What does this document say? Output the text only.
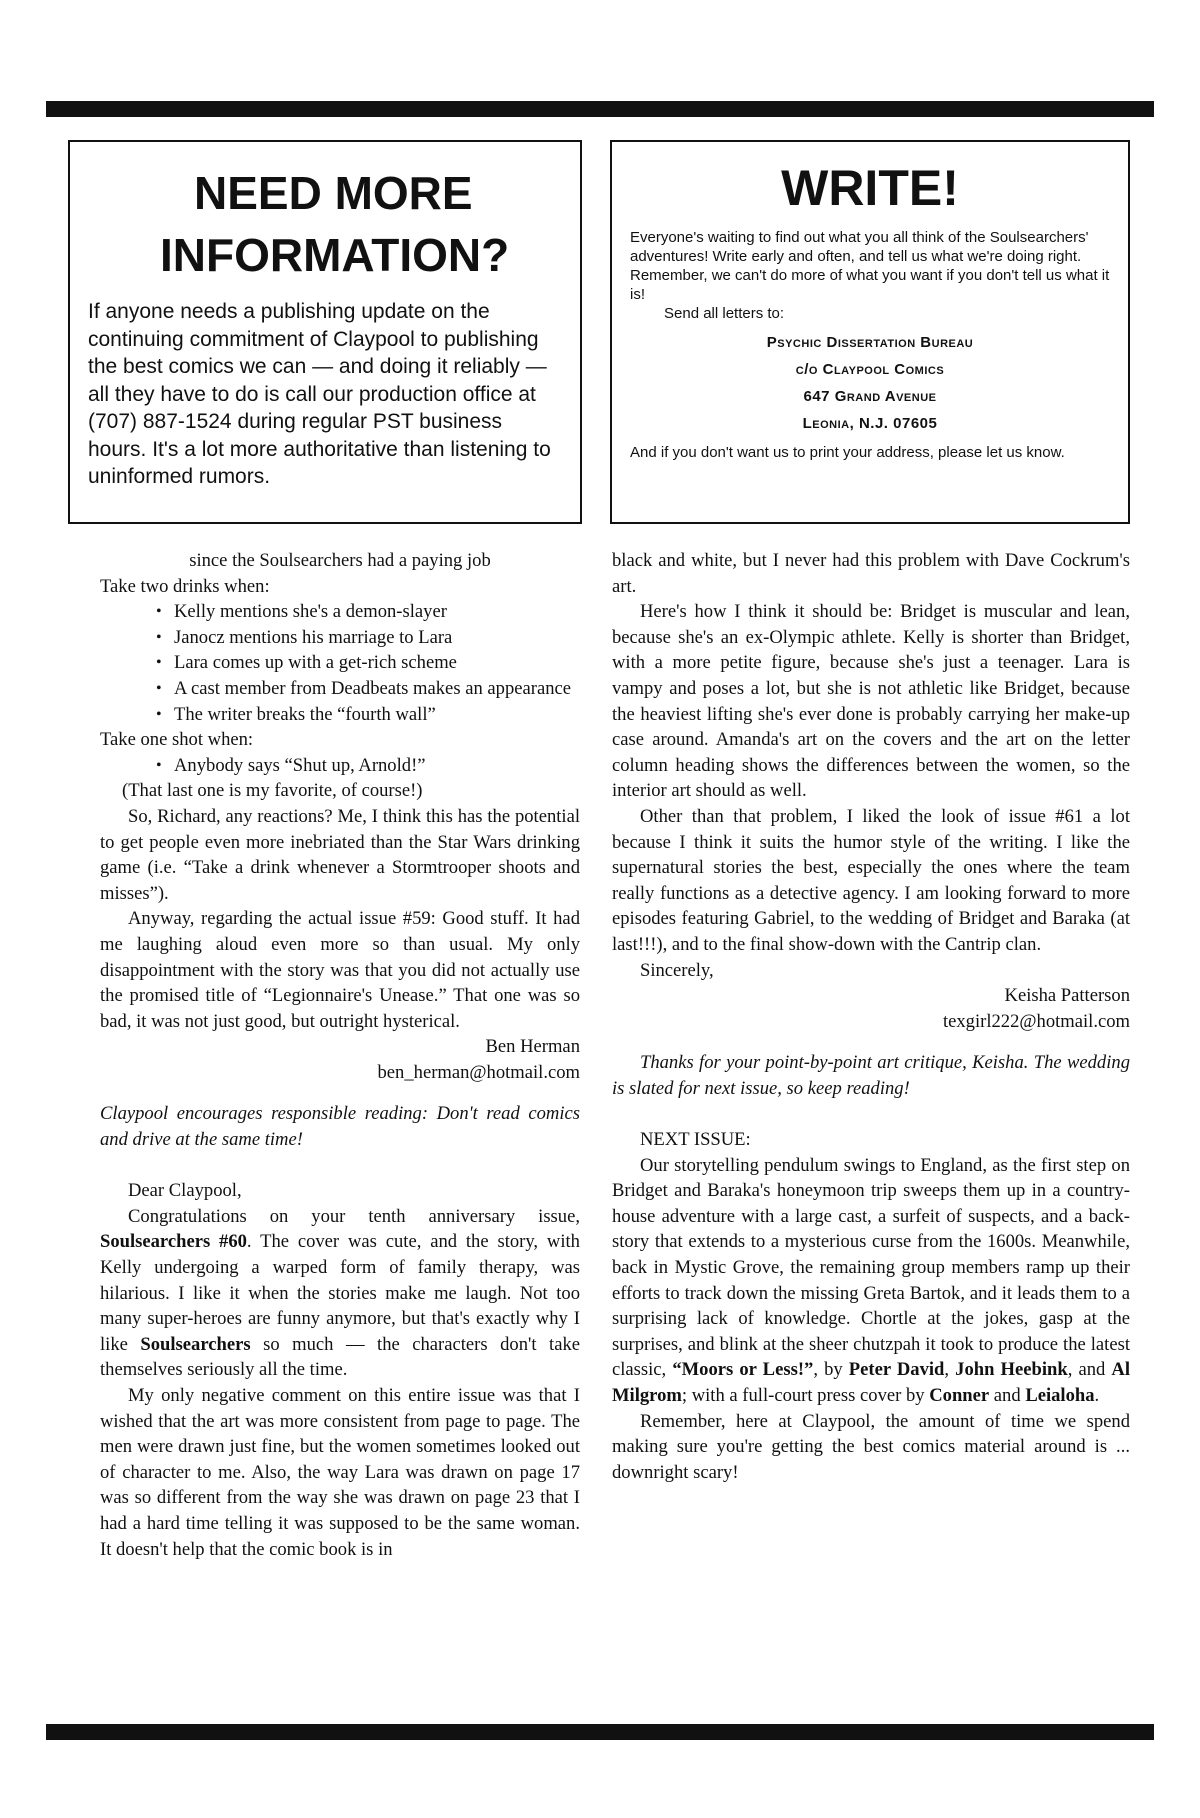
NEED MORE
INFORMATION?
If anyone needs a publishing update on the continuing commitment of Claypool to publishing the best comics we can — and doing it reliably — all they have to do is call our production office at (707) 887-1524 during regular PST business hours. It's a lot more authoritative than listening to uninformed rumors.
WRITE!
Everyone's waiting to find out what you all think of the Soulsearchers' adventures! Write early and often, and tell us what we're doing right. Remember, we can't do more of what you want if you don't tell us what it is!
Send all letters to:
Psychic Dissertation Bureau
c/o Claypool Comics
647 Grand Avenue
Leonia, N.J. 07605
And if you don't want us to print your address, please let us know.

since the Soulsearchers had a paying job

Take two drinks when:

• Kelly mentions she's a demon-slayer
• Janocz mentions his marriage to Lara
• Lara comes up with a get-rich scheme
• A cast member from Deadbeats makes an appearance
• The writer breaks the “fourth wall”

Take one shot when:

• Anybody says “Shut up, Arnold!”

(That last one is my favorite, of course!)

So, Richard, any reactions? Me, I think this has the potential to get people even more inebriated than the Star Wars drinking game (i.e. “Take a drink whenever a Stormtrooper shoots and misses”).

Anyway, regarding the actual issue #59: Good stuff. It had me laughing aloud even more so than usual. My only disappointment with the story was that you did not actually use the promised title of “Legionnaire's Unease.” That one was so bad, it was not just good, but outright hysterical.

Ben Herman

ben_herman@hotmail.com

Claypool encourages responsible reading: Don't read comics and drive at the same time!

Dear Claypool,

Congratulations on your tenth anniversary issue, Soulsearchers #60. The cover was cute, and the story, with Kelly undergoing a warped form of family therapy, was hilarious. I like it when the stories make me laugh. Not too many super-heroes are funny anymore, but that's exactly why I like Soulsearchers so much — the characters don't take themselves seriously all the time.

My only negative comment on this entire issue was that I wished that the art was more consistent from page to page. The men were drawn just fine, but the women sometimes looked out of character to me. Also, the way Lara was drawn on page 17 was so different from the way she was drawn on page 23 that I had a hard time telling it was supposed to be the same woman. It doesn't help that the comic book is in

black and white, but I never had this problem with Dave Cockrum's art.

Here's how I think it should be: Bridget is muscular and lean, because she's an ex-Olympic athlete. Kelly is shorter than Bridget, with a more petite figure, because she's just a teenager. Lara is vampy and poses a lot, but she is not athletic like Bridget, because the heaviest lifting she's ever done is probably carrying her make-up case around. Amanda's art on the covers and the art on the letter column heading shows the differences between the women, so the interior art should as well.

Other than that problem, I liked the look of issue #61 a lot because I think it suits the humor style of the writing. I like the supernatural stories the best, especially the ones where the team really functions as a detective agency. I am looking forward to more episodes featuring Gabriel, to the wedding of Bridget and Baraka (at last!!!), and to the final show-down with the Cantrip clan.

Sincerely,

Keisha Patterson

texgirl222@hotmail.com

Thanks for your point-by-point art critique, Keisha. The wedding is slated for next issue, so keep reading!

NEXT ISSUE:

Our storytelling pendulum swings to England, as the first step on Bridget and Baraka's honeymoon trip sweeps them up in a country-house adventure with a large cast, a surfeit of suspects, and a back-story that extends to a mysterious curse from the 1600s. Meanwhile, back in Mystic Grove, the remaining group members ramp up their efforts to track down the missing Greta Bartok, and it leads them to a surprising lack of knowledge. Chortle at the jokes, gasp at the surprises, and blink at the sheer chutzpah it took to produce the latest classic, “Moors or Less!”, by Peter David, John Heebink, and Al Milgrom; with a full-court press cover by Conner and Leialoha.

Remember, here at Claypool, the amount of time we spend making sure you're getting the best comics material around is ... downright scary!
